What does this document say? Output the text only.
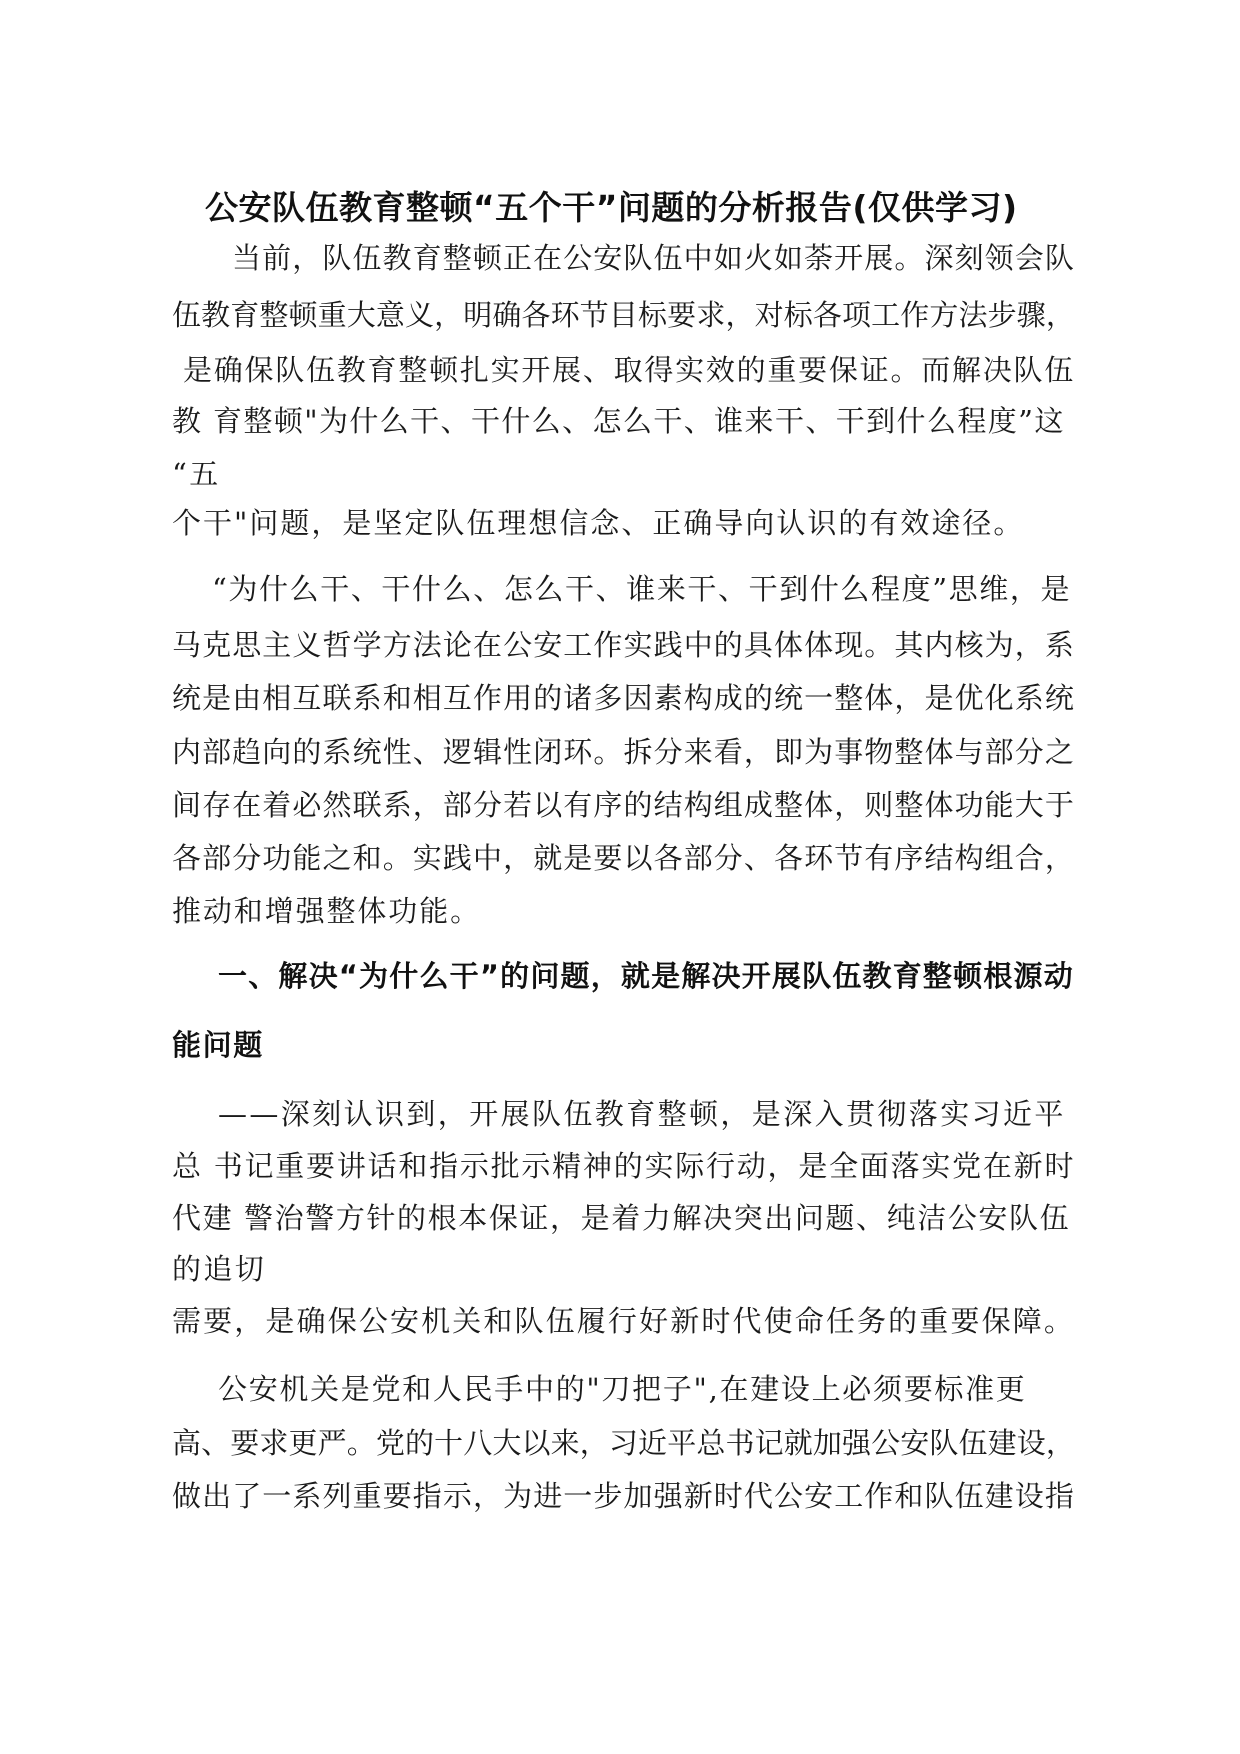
公安队伍教育整顿“五个干”问题的分析报告(仅供学习)
当前，队伍教育整顿正在公安队伍中如火如荼开展。深刻领会队
伍教育整顿重大意义，明确各环节目标要求，对标各项工作方法步骤，
是确保队伍教育整顿扎实开展、取得实效的重要保证。而解决队伍
教 育整顿"为什么干、干什么、怎么干、谁来干、干到什么程度”这
“五
个干"问题，是坚定队伍理想信念、正确导向认识的有效途径。
“为什么干、干什么、怎么干、谁来干、干到什么程度”思维，是
马克思主义哲学方法论在公安工作实践中的具体体现。其内核为，系
统是由相互联系和相互作用的诸多因素构成的统一整体，是优化系统
内部趋向的系统性、逻辑性闭环。拆分来看，即为事物整体与部分之
间存在着必然联系，部分若以有序的结构组成整体，则整体功能大于
各部分功能之和。实践中，就是要以各部分、各环节有序结构组合，
推动和增强整体功能。
一、解决“为什么干”的问题，就是解决开展队伍教育整顿根源动
能问题
——深刻认识到，开展队伍教育整顿，是深入贯彻落实习近平
总 书记重要讲话和指示批示精神的实际行动，是全面落实党在新时
代建 警治警方针的根本保证，是着力解决突出问题、纯洁公安队伍
的追切
需要，是确保公安机关和队伍履行好新时代使命任务的重要保障。
公安机关是党和人民手中的"刀把子",在建设上必须要标准更
高、要求更严。党的十八大以来，习近平总书记就加强公安队伍建设，
做出了一系列重要指示，为进一步加强新时代公安工作和队伍建设指
